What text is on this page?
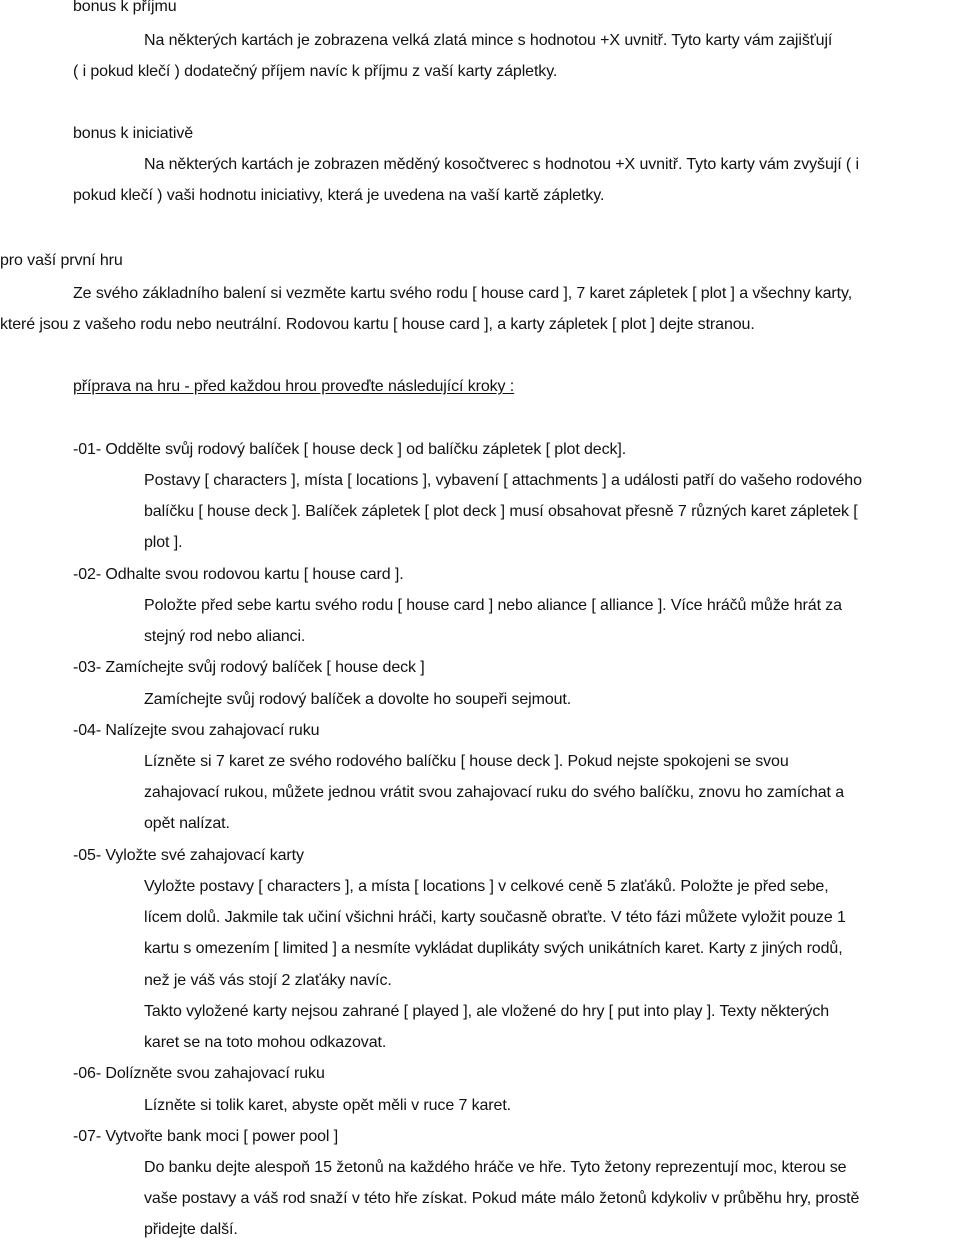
bonus k příjmu
Na některých kartách je zobrazena velká zlatá mince s hodnotou +X uvnitř. Tyto karty vám zajišťují
( i pokud klečí ) dodatečný příjem navíc k příjmu z vaší karty zápletky.
bonus k iniciativě
Na některých kartách je zobrazen měděný kosočtverec s hodnotou +X uvnitř. Tyto karty vám zvyšují ( i
pokud klečí ) vaši hodnotu iniciativy, která je uvedena na vaší kartě zápletky.
pro vaší první hru
Ze svého základního balení si vezměte kartu svého rodu [ house card ], 7 karet zápletek [ plot ] a všechny karty,
které jsou z vašeho rodu nebo neutrální. Rodovou kartu [ house card ], a karty zápletek [ plot ] dejte stranou.
příprava na hru - před každou hrou proveďte následující kroky :
-01- Oddělte svůj rodový balíček [ house deck ] od balíčku zápletek [ plot deck].
Postavy [ characters ], místa [ locations ], vybavení [ attachments ] a události patří do vašeho rodového
balíčku [ house deck ]. Balíček zápletek [ plot deck ] musí obsahovat přesně 7 různých karet zápletek [
plot ].
-02- Odhalte svou rodovou kartu [ house card ].
Položte před sebe kartu svého rodu [ house card ] nebo aliance [ alliance ]. Více hráčů může hrát za
stejný rod nebo alianci.
-03- Zamíchejte svůj rodový balíček [ house deck ]
Zamíchejte svůj rodový balíček a dovolte ho soupeři sejmout.
-04- Nalízejte svou zahajovací ruku
Lízněte si 7 karet ze svého rodového balíčku [ house deck ]. Pokud nejste spokojeni se svou
zahajovací rukou, můžete jednou vrátit svou zahajovací ruku do svého balíčku, znovu ho zamíchat a
opět nalízat.
-05- Vyložte své zahajovací karty
Vyložte postavy [ characters ], a místa [ locations ] v celkové ceně 5 zlaťáků. Položte je před sebe,
lícem dolů. Jakmile tak učiní všichni hráči, karty současně obraťte. V této fázi můžete vyložit pouze 1
kartu s omezením [ limited ] a nesmíte vykládat duplikáty svých unikátních karet. Karty z jiných rodů,
než je váš vás stojí 2 zlaťáky navíc.
Takto vyložené karty nejsou zahrané [ played ], ale vložené do hry [ put into play ]. Texty některých
karet se na toto mohou odkazovat.
-06- Dolízněte svou zahajovací ruku
Lízněte si tolik karet, abyste opět měli v ruce 7 karet.
-07- Vytvořte bank moci [ power pool ]
Do banku dejte alespoň 15 žetonů na každého hráče ve hře. Tyto žetony reprezentují moc, kterou se
vaše postavy a váš rod snaží v této hře získat. Pokud máte málo žetonů kdykoliv v průběhu hry, prostě
přidejte další.
